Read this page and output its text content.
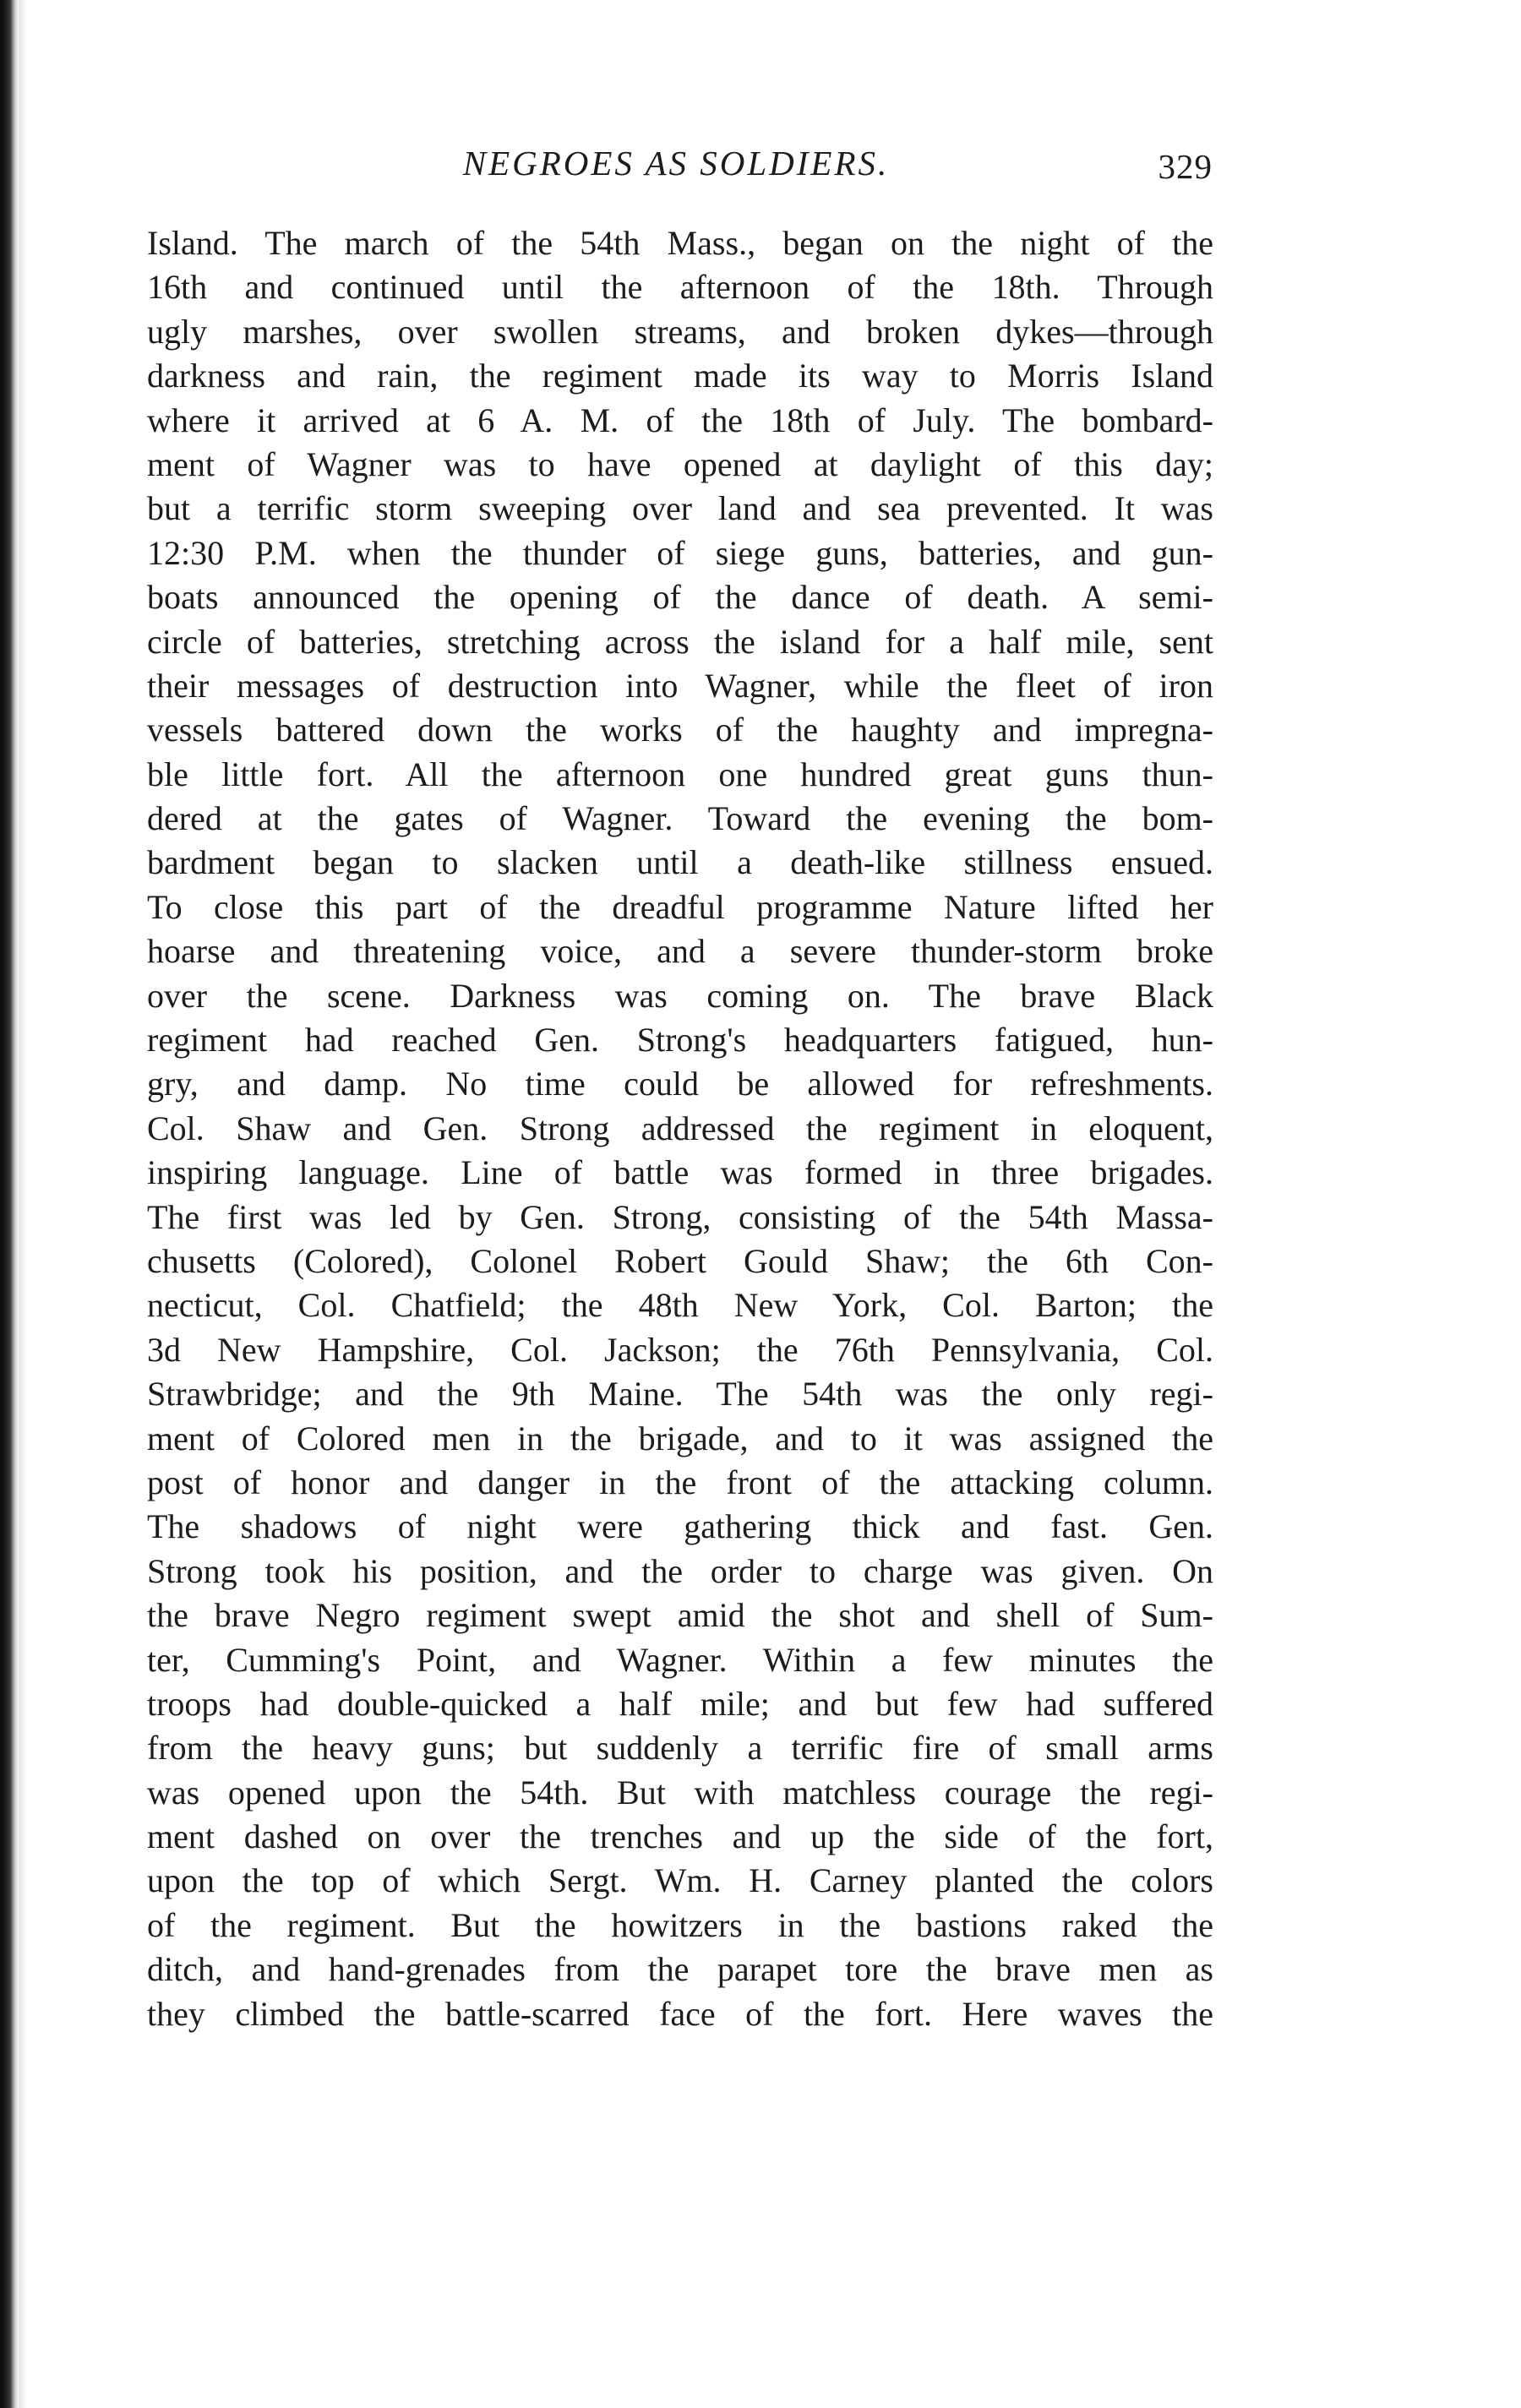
NEGROES AS SOLDIERS.	329
Island. The march of the 54th Mass., began on the night of the
16th and continued until the afternoon of the 18th. Through
ugly marshes, over swollen streams, and broken dykes—through
darkness and rain, the regiment made its way to Morris Island
where it arrived at 6 A. M. of the 18th of July. The bombard-
ment of Wagner was to have opened at daylight of this day;
but a terrific storm sweeping over land and sea prevented. It was
12:30 P.M. when the thunder of siege guns, batteries, and gun-
boats announced the opening of the dance of death. A semi-
circle of batteries, stretching across the island for a half mile, sent
their messages of destruction into Wagner, while the fleet of iron
vessels battered down the works of the haughty and impregna-
ble little fort. All the afternoon one hundred great guns thun-
dered at the gates of Wagner. Toward the evening the bom-
bardment began to slacken until a death-like stillness ensued.
To close this part of the dreadful programme Nature lifted her
hoarse and threatening voice, and a severe thunder-storm broke
over the scene. Darkness was coming on. The brave Black
regiment had reached Gen. Strong's headquarters fatigued, hun-
gry, and damp. No time could be allowed for refreshments.
Col. Shaw and Gen. Strong addressed the regiment in eloquent,
inspiring language. Line of battle was formed in three brigades.
The first was led by Gen. Strong, consisting of the 54th Massa-
chusetts (Colored), Colonel Robert Gould Shaw; the 6th Con-
necticut, Col. Chatfield; the 48th New York, Col. Barton; the
3d New Hampshire, Col. Jackson; the 76th Pennsylvania, Col.
Strawbridge; and the 9th Maine. The 54th was the only regi-
ment of Colored men in the brigade, and to it was assigned the
post of honor and danger in the front of the attacking column.
The shadows of night were gathering thick and fast. Gen.
Strong took his position, and the order to charge was given. On
the brave Negro regiment swept amid the shot and shell of Sum-
ter, Cumming's Point, and Wagner. Within a few minutes the
troops had double-quicked a half mile; and but few had suffered
from the heavy guns; but suddenly a terrific fire of small arms
was opened upon the 54th. But with matchless courage the regi-
ment dashed on over the trenches and up the side of the fort,
upon the top of which Sergt. Wm. H. Carney planted the colors
of the regiment. But the howitzers in the bastions raked the
ditch, and hand-grenades from the parapet tore the brave men as
they climbed the battle-scarred face of the fort. Here waves the
